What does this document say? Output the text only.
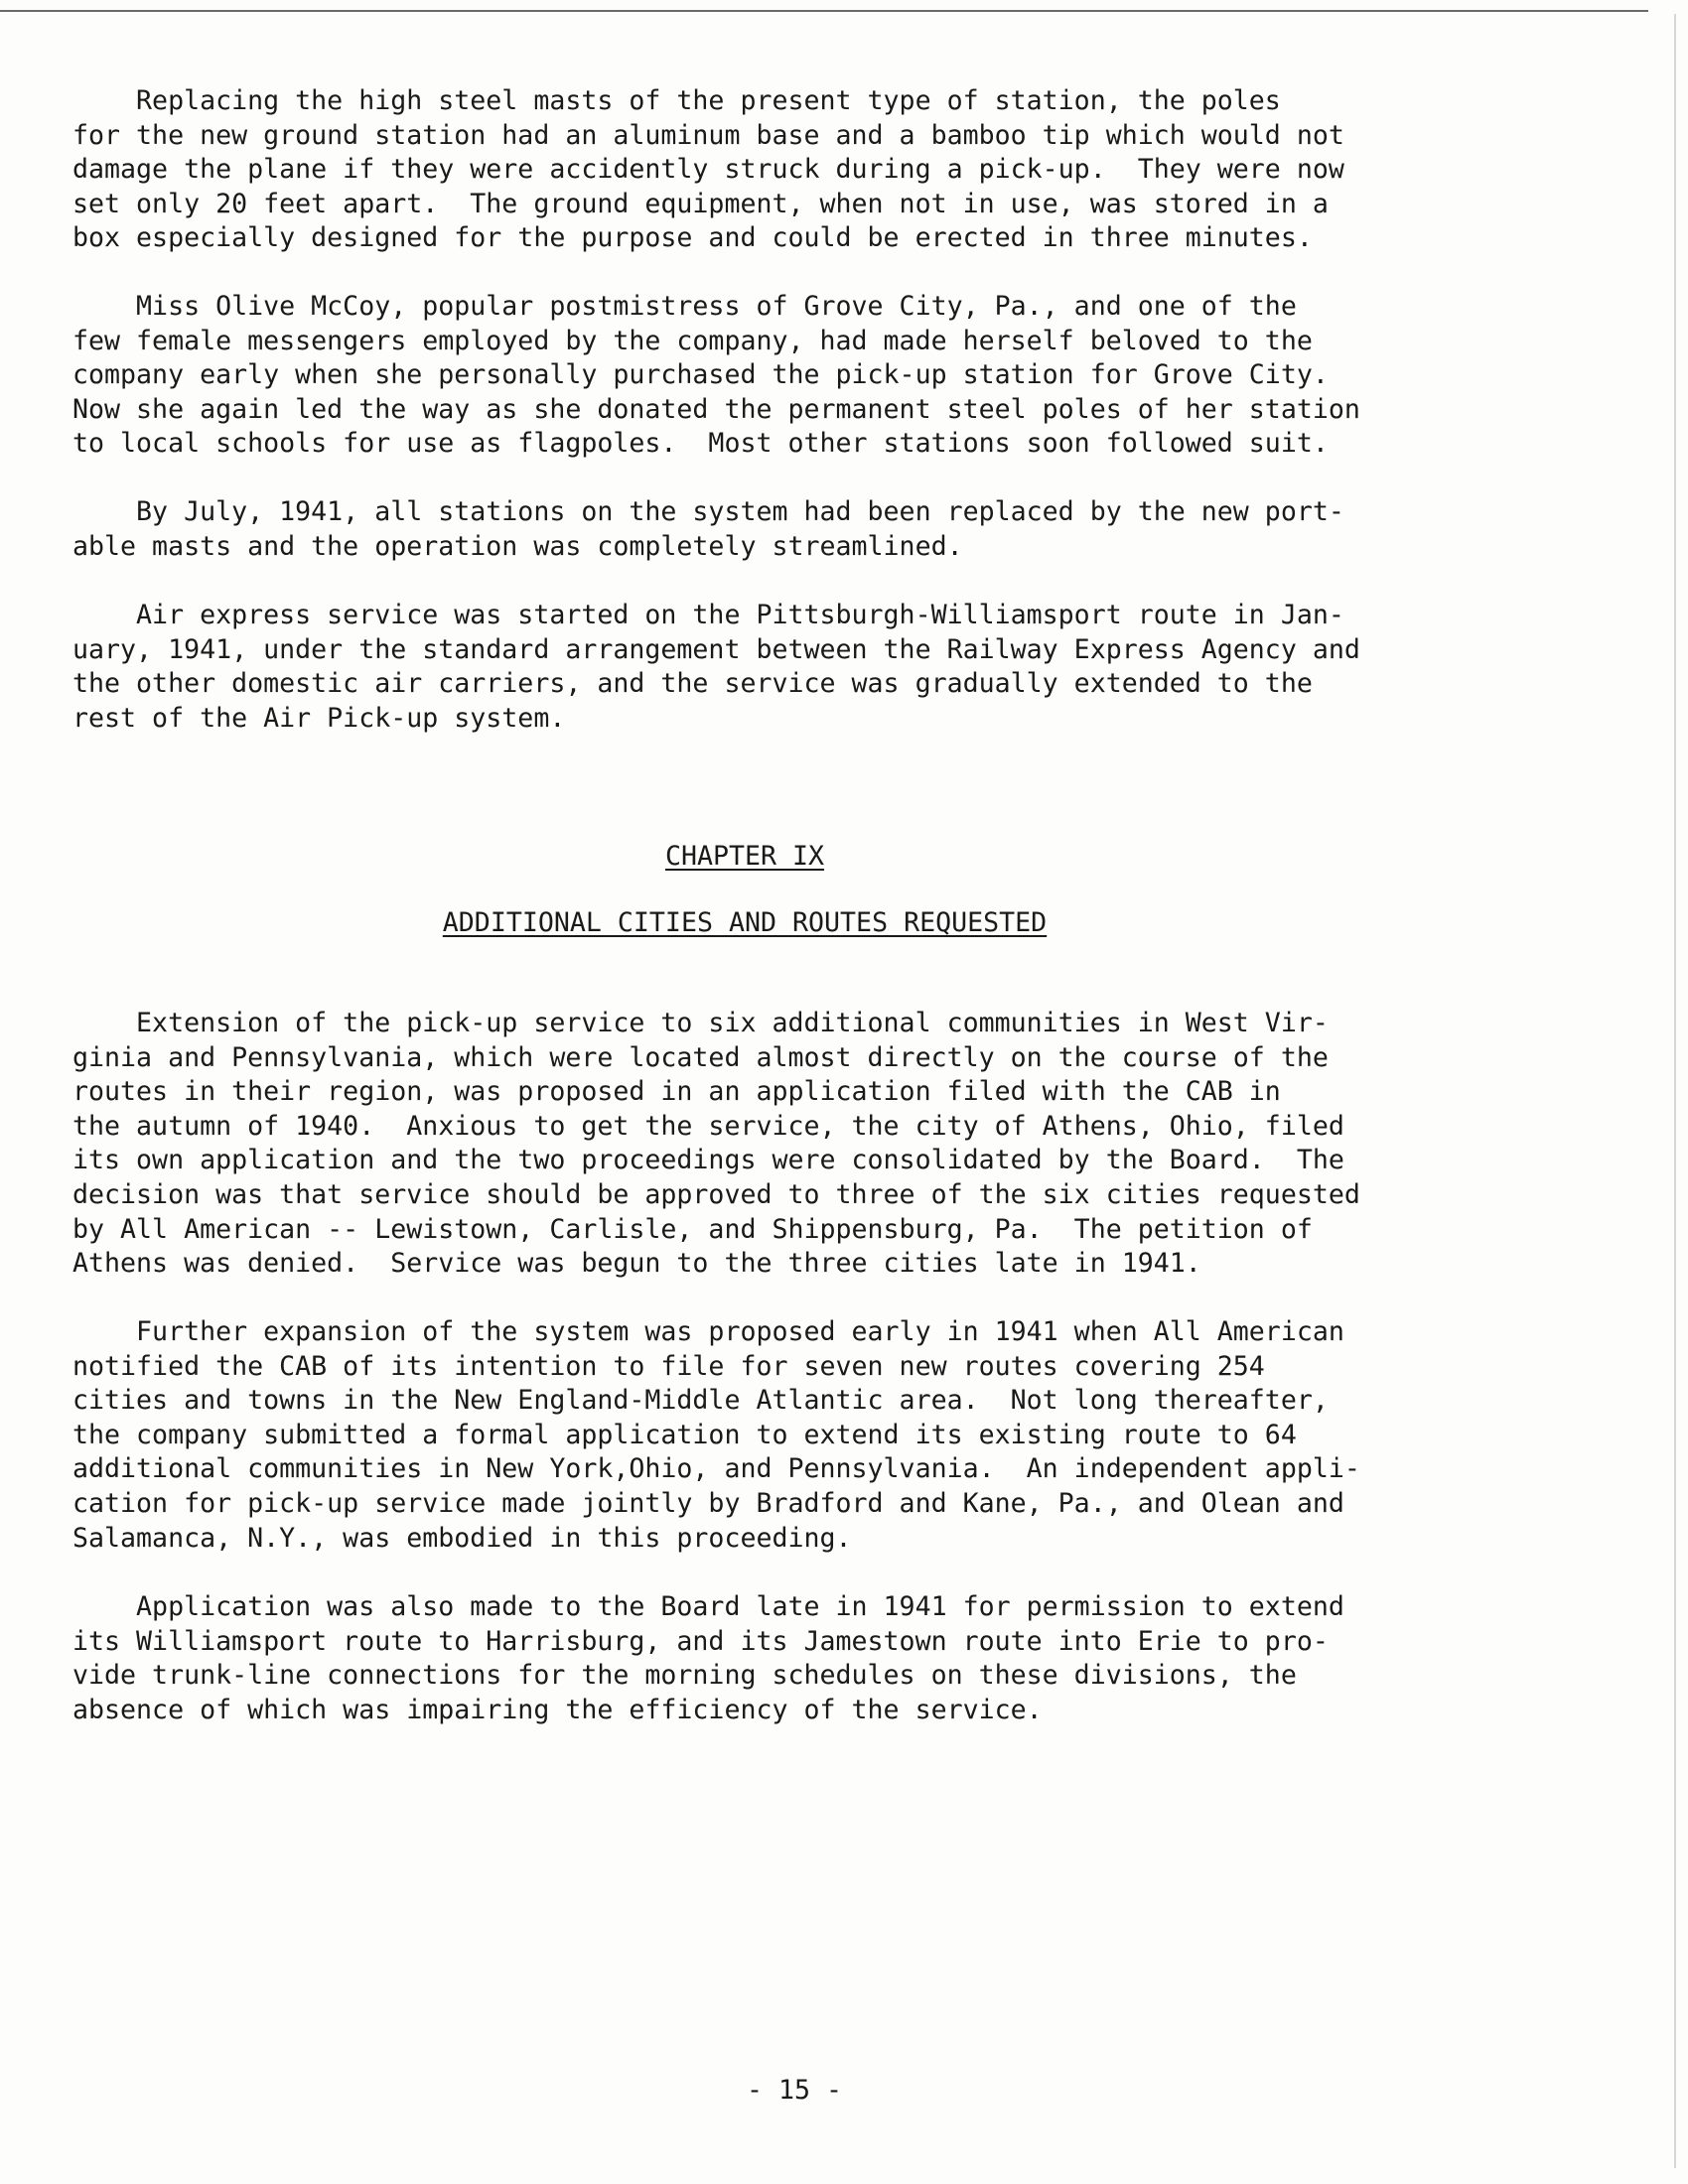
Replacing the high steel masts of the present type of station, the poles
for the new ground station had an aluminum base and a bamboo tip which would not
damage the plane if they were accidently struck during a pick-up.  They were now
set only 20 feet apart.  The ground equipment, when not in use, was stored in a
box especially designed for the purpose and could be erected in three minutes.
Miss Olive McCoy, popular postmistress of Grove City, Pa., and one of the
few female messengers employed by the company, had made herself beloved to the
company early when she personally purchased the pick-up station for Grove City.
Now she again led the way as she donated the permanent steel poles of her station
to local schools for use as flagpoles.  Most other stations soon followed suit.
By July, 1941, all stations on the system had been replaced by the new port-
able masts and the operation was completely streamlined.
Air express service was started on the Pittsburgh-Williamsport route in Jan-
uary, 1941, under the standard arrangement between the Railway Express Agency and
the other domestic air carriers, and the service was gradually extended to the
rest of the Air Pick-up system.
CHAPTER IX
ADDITIONAL CITIES AND ROUTES REQUESTED
Extension of the pick-up service to six additional communities in West Vir-
ginia and Pennsylvania, which were located almost directly on the course of the
routes in their region, was proposed in an application filed with the CAB in
the autumn of 1940.  Anxious to get the service, the city of Athens, Ohio, filed
its own application and the two proceedings were consolidated by the Board.  The
decision was that service should be approved to three of the six cities requested
by All American -- Lewistown, Carlisle, and Shippensburg, Pa.  The petition of
Athens was denied.  Service was begun to the three cities late in 1941.
Further expansion of the system was proposed early in 1941 when All American
notified the CAB of its intention to file for seven new routes covering 254
cities and towns in the New England-Middle Atlantic area.  Not long thereafter,
the company submitted a formal application to extend its existing route to 64
additional communities in New York,Ohio, and Pennsylvania.  An independent appli-
cation for pick-up service made jointly by Bradford and Kane, Pa., and Olean and
Salamanca, N.Y., was embodied in this proceeding.
Application was also made to the Board late in 1941 for permission to extend
its Williamsport route to Harrisburg, and its Jamestown route into Erie to pro-
vide trunk-line connections for the morning schedules on these divisions, the
absence of which was impairing the efficiency of the service.
- 15 -
